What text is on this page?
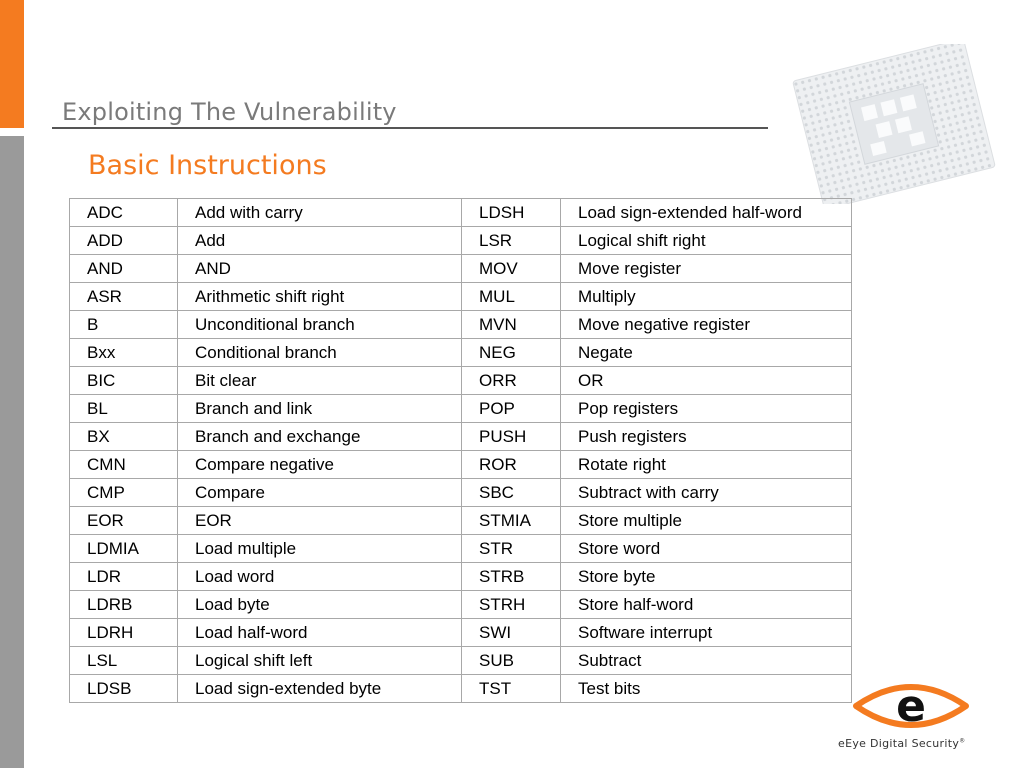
Exploiting The Vulnerability
Basic Instructions
ADC	Add with carry	LDSH	Load sign-extended half-word
ADD	Add	LSR	Logical shift right
AND	AND	MOV	Move register
ASR	Arithmetic shift right	MUL	Multiply
B	Unconditional branch	MVN	Move negative register
Bxx	Conditional branch	NEG	Negate
BIC	Bit clear	ORR	OR
BL	Branch and link	POP	Pop registers
BX	Branch and exchange	PUSH	Push registers
CMN	Compare negative	ROR	Rotate right
CMP	Compare	SBC	Subtract with carry
EOR	EOR	STMIA	Store multiple
LDMIA	Load multiple	STR	Store word
LDR	Load word	STRB	Store byte
LDRB	Load byte	STRH	Store half-word
LDRH	Load half-word	SWI	Software interrupt
LSL	Logical shift left	SUB	Subtract
LDSB	Load sign-extended byte	TST	Test bits	e
eEye Digital Security®
